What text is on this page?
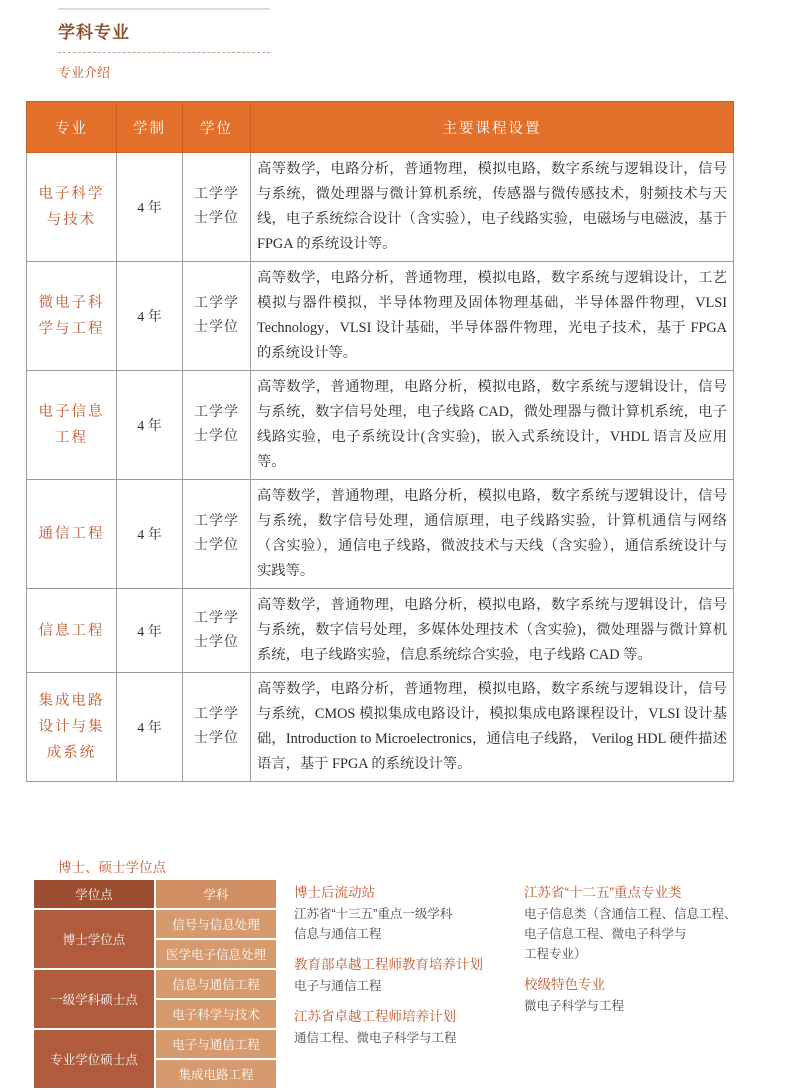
学科专业
专业介绍
专业	学制	学位	主要课程设置
电子科学与技术	4 年	工学学士学位	高等数学，电路分析，普通物理，模拟电路，数字系统与逻辑设计，信号与系统，微处理器与微计算机系统，传感器与微传感技术，射频技术与天线，电子系统综合设计（含实验），电子线路实验，电磁场与电磁波，基于 FPGA 的系统设计等。
微电子科学与工程	4 年	工学学士学位	高等数学，电路分析，普通物理，模拟电路，数字系统与逻辑设计，工艺模拟与器件模拟，半导体物理及固体物理基础，半导体器件物理，VLSI Technology，VLSI 设计基础，半导体器件物理，光电子技术，基于 FPGA 的系统设计等。
电子信息工程	4 年	工学学士学位	高等数学，普通物理，电路分析，模拟电路，数字系统与逻辑设计，信号与系统，数字信号处理，电子线路 CAD，微处理器与微计算机系统，电子线路实验，电子系统设计(含实验)，嵌入式系统设计，VHDL 语言及应用等。
通信工程	4 年	工学学士学位	高等数学，普通物理，电路分析，模拟电路，数字系统与逻辑设计，信号与系统，数字信号处理，通信原理，电子线路实验，计算机通信与网络（含实验），通信电子线路，微波技术与天线（含实验），通信系统设计与实践等。
信息工程	4 年	工学学士学位	高等数学，普通物理，电路分析，模拟电路，数字系统与逻辑设计，信号与系统，数字信号处理，多媒体处理技术（含实验)，微处理器与微计算机系统，电子线路实验，信息系统综合实验，电子线路 CAD 等。
集成电路设计与集成系统	4 年	工学学士学位	高等数学，电路分析，普通物理，模拟电路，数字系统与逻辑设计，信号与系统，CMOS 模拟集成电路设计，模拟集成电路课程设计，VLSI 设计基础，Introduction to Microelectronics，通信电子线路， Verilog HDL 硬件描述语言，基于 FPGA 的系统设计等。
博士、硕士学位点
学位点	学科
博士学位点	信号与信息处理
	医学电子信息处理
一级学科硕士点	信息与通信工程
	电子科学与技术
专业学位硕士点	电子与通信工程
	集成电路工程
博士后流动站
江苏省“十三五”重点一级学科
信息与通信工程
教育部卓越工程师教育培养计划
电子与通信工程
江苏省卓越工程师培养计划
通信工程、微电子科学与工程
江苏省“十二五”重点专业类
电子信息类（含通信工程、信息工程、
电子信息工程、微电子科学与
工程专业）
校级特色专业
微电子科学与工程
